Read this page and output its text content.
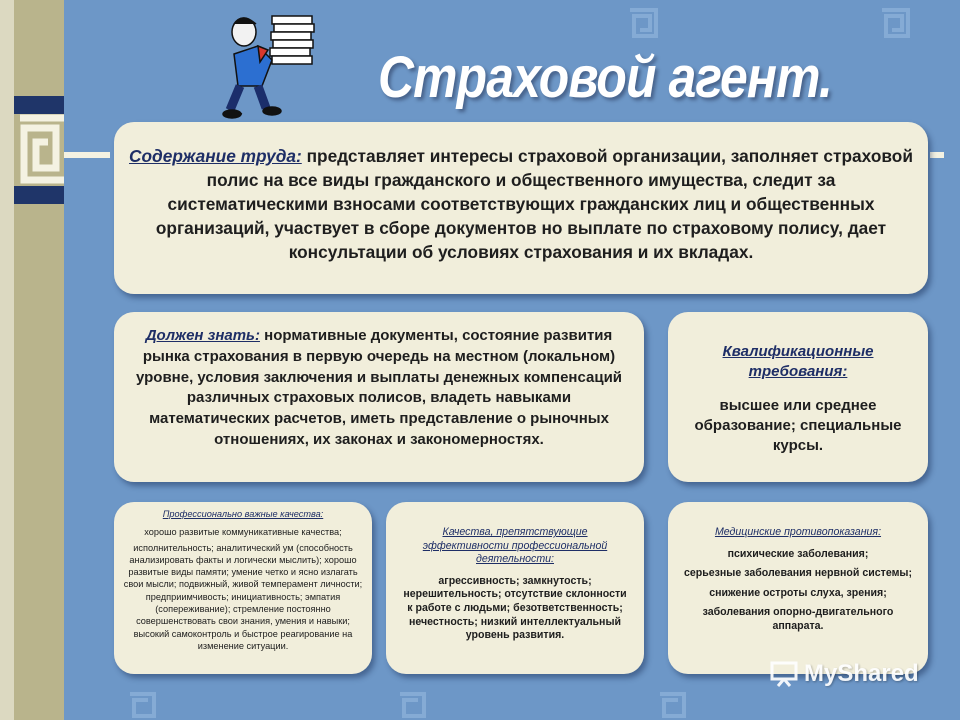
Страховой агент.
Содержание труда: представляет интересы страховой организации, заполняет страховой полис на все виды гражданского и общественного имущества, следит за систематическими взносами соответствующих гражданских лиц и общественных организаций, участвует в сборе документов но выплате по страховому полису, дает консультации об условиях страхования и их вкладах.
Должен знать: нормативные документы, состояние развития рынка страхования в первую очередь на местном (локальном) уровне, условия заключения и выплаты денежных компенсаций различных страховых полисов, владеть навыками математических расчетов, иметь представление о рыночных отношениях, их законах и закономерностях.
Квалификационные требования:
высшее или среднее образование; специальные курсы.
Профессионально важные качества:

хорошо развитые коммуникативные качества;

исполнительность; аналитический ум (способность анализировать факты и логически мыслить); хорошо развитые виды памяти; умение четко и ясно излагать свои мысли; подвижный, живой темперамент личности; предприимчивость; инициативность; эмпатия (сопереживание); стремление постоянно совершенствовать свои знания, умения и навыки; высокий самоконтроль и быстрое реагирование на изменение ситуации.

Качества, препятствующие эффективности профессиональной деятельности:
агрессивность; замкнутость; нерешительность; отсутствие склонности к работе с людьми; безответственность; нечестность; низкий интеллектуальный уровень развития.
Медицинские противопоказания:

психические заболевания;

серьезные заболевания нервной системы;

снижение остроты слуха, зрения;

заболевания опорно-двигательного аппарата.

MyShared
